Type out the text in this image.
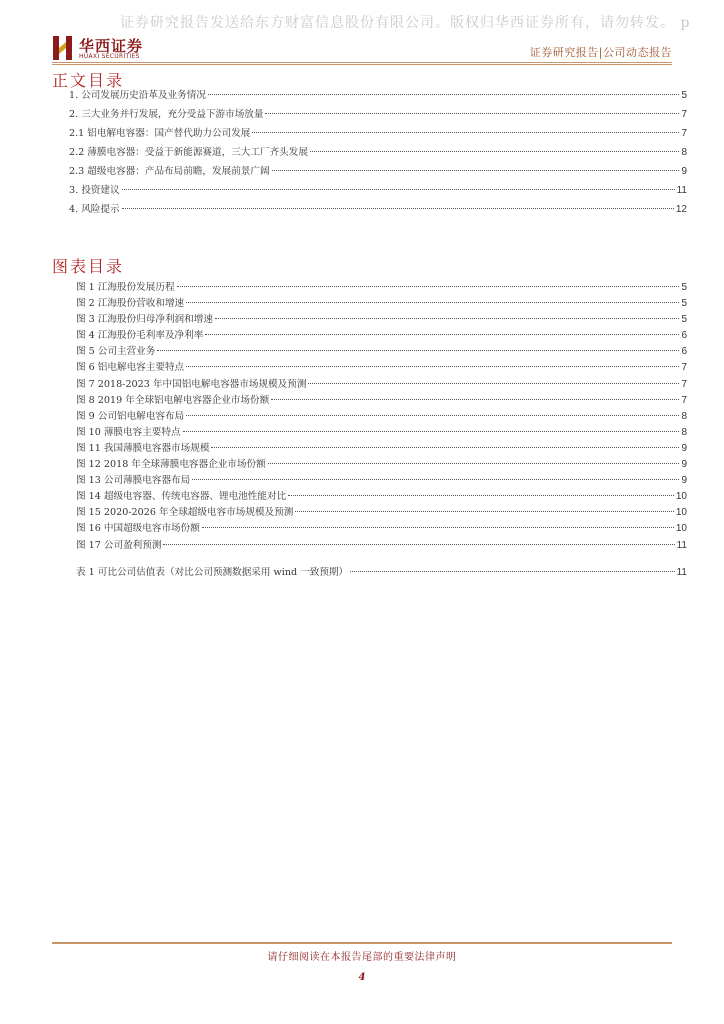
证券研究报告发送给东方财富信息股份有限公司。版权归华西证券所有，请勿转发。 p
华西证券
HUAXI SECURITIES	证券研究报告|公司动态报告
正文目录
1. 公司发展历史沿革及业务情况	5
2. 三大业务并行发展，充分受益下游市场放量	7
2.1 铝电解电容器：国产替代助力公司发展	7
2.2 薄膜电容器：受益于新能源赛道，三大工厂齐头发展	8
2.3 超级电容器：产品布局前瞻，发展前景广阔	9
3. 投资建议	11
4. 风险提示	12
图表目录
图 1 江海股份发展历程	5
图 2 江海股份营收和增速	5
图 3 江海股份归母净利润和增速	5
图 4 江海股份毛利率及净利率	6
图 5 公司主营业务	6
图 6 铝电解电容主要特点	7
图 7 2018-2023 年中国铝电解电容器市场规模及预测	7
图 8 2019 年全球铝电解电容器企业市场份额	7
图 9 公司铝电解电容布局	8
图 10 薄膜电容主要特点	8
图 11 我国薄膜电容器市场规模	9
图 12 2018 年全球薄膜电容器企业市场份额	9
图 13 公司薄膜电容器布局	9
图 14 超级电容器、传统电容器、锂电池性能对比	10
图 15 2020-2026 年全球超级电容市场规模及预测	10
图 16 中国超级电容市场份额	10
图 17 公司盈利预测	11
表 1 可比公司估值表（对比公司预测数据采用 wind 一致预期）	11
请仔细阅读在本报告尾部的重要法律声明
4
